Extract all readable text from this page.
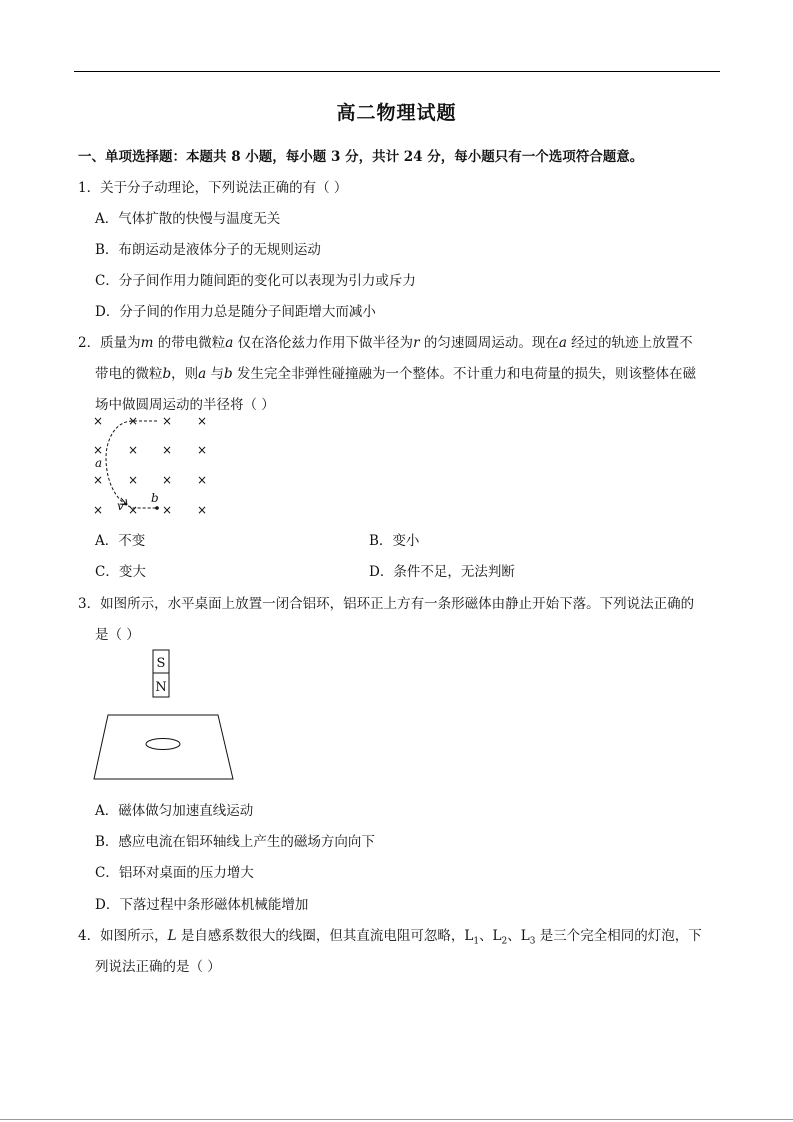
高二物理试题
一、单项选择题：本题共 8 小题，每小题 3 分，共计 24 分，每小题只有一个选项符合题意。
1．关于分子动理论，下列说法正确的有（ ）
A．气体扩散的快慢与温度无关
B．布朗运动是液体分子的无规则运动
C．分子间作用力随间距的变化可以表现为引力或斥力
D．分子间的作用力总是随分子间距增大而减小
2．质量为m 的带电微粒a 仅在洛伦兹力作用下做半径为r 的匀速圆周运动。现在a 经过的轨迹上放置不
带电的微粒b，则a 与b 发生完全非弹性碰撞融为一个整体。不计重力和电荷量的损失，则该整体在磁
场中做圆周运动的半径将（ ）
× × × ×
× × × ×
× × × ×
× × × ×
a
v
b
A．不变	B．变小
C．变大	D．条件不足，无法判断
3．如图所示，水平桌面上放置一闭合铝环，铝环正上方有一条形磁体由静止开始下落。下列说法正确的
是（ ）
S
N
A．磁体做匀加速直线运动
B．感应电流在铝环轴线上产生的磁场方向向下
C．铝环对桌面的压力增大
D．下落过程中条形磁体机械能增加
4．如图所示，L 是自感系数很大的线圈，但其直流电阻可忽略，$L_1$、$L_2$、$L_3$ 是三个完全相同的灯泡，下
列说法正确的是（ ）
